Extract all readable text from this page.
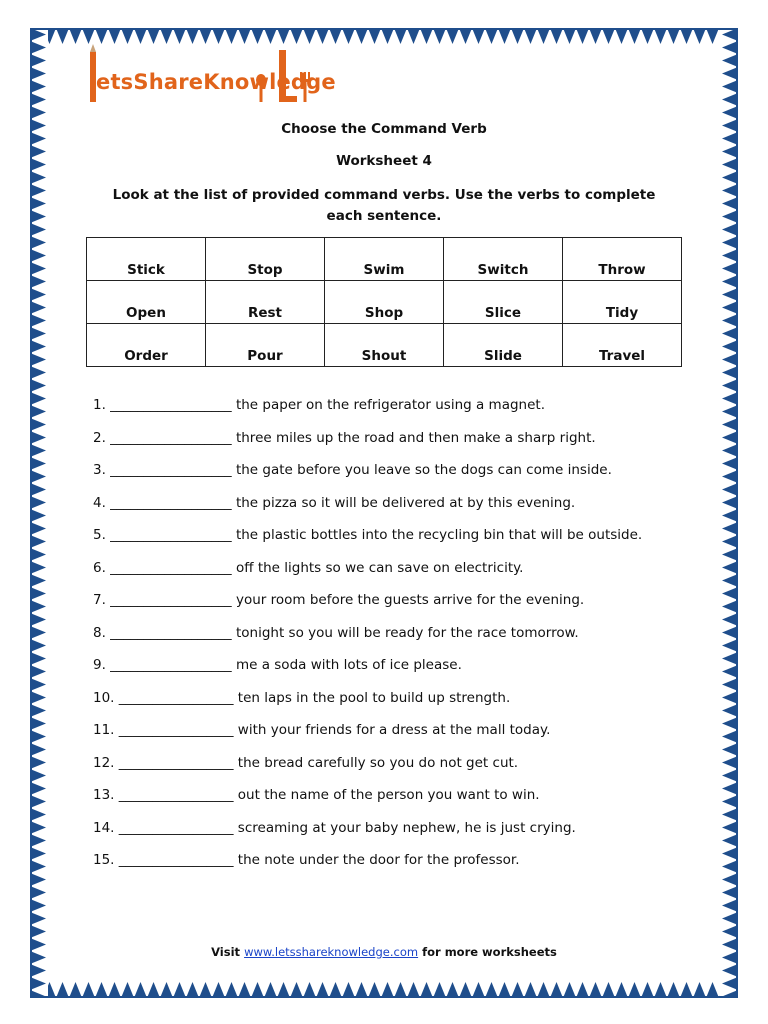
etsShareKnowledge
Choose the Command Verb
Worksheet 4
Look at the list of provided command verbs. Use the verbs to complete each sentence.
Stick	Stop	Swim	Switch	Throw
Open	Rest	Shop	Slice	Tidy
Order	Pour	Shout	Slide	Travel

1. __________________ the paper on the refrigerator using a magnet.

2. __________________ three miles up the road and then make a sharp right.

3. __________________ the gate before you leave so the dogs can come inside.

4. __________________ the pizza so it will be delivered at by this evening.

5. __________________ the plastic bottles into the recycling bin that will be outside.

6. __________________ off the lights so we can save on electricity.

7. __________________ your room before the guests arrive for the evening.

8. __________________ tonight so you will be ready for the race tomorrow.

9. __________________ me a soda with lots of ice please.

10. _________________ ten laps in the pool to build up strength.

11. _________________ with your friends for a dress at the mall today.

12. _________________ the bread carefully so you do not get cut.

13. _________________ out the name of the person you want to win.

14. _________________ screaming at your baby nephew, he is just crying.

15. _________________ the note under the door for the professor.

Visit www.letsshareknowledge.com for more worksheets
